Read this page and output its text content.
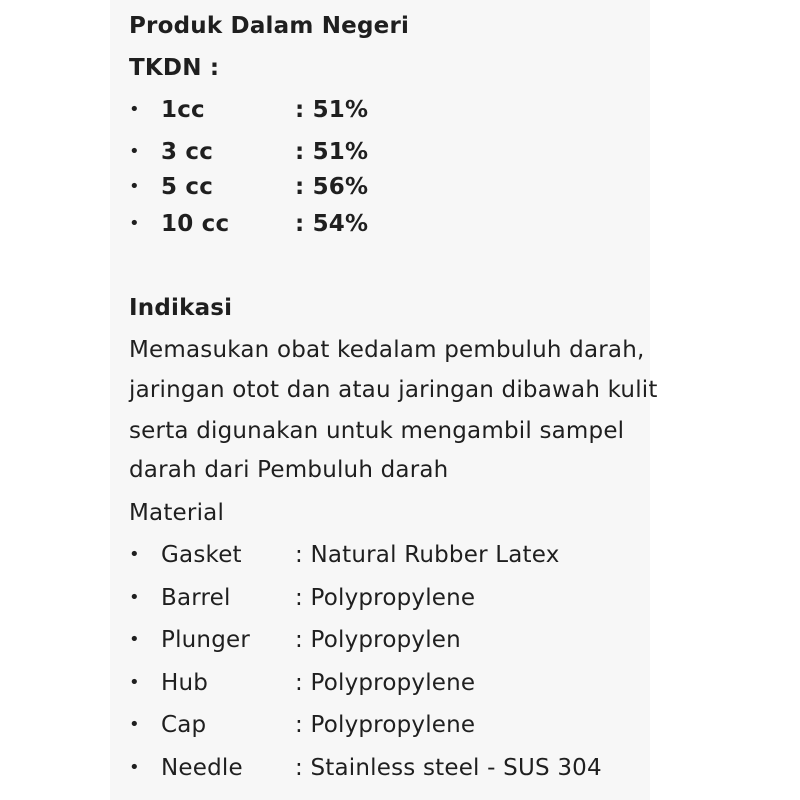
Produk Dalam Negeri
TKDN :
• 1cc	: 51%
• 3 cc	: 51%
• 5 cc	: 56%
• 10 cc	: 54%
Indikasi
Memasukan obat kedalam pembuluh darah,
jaringan otot dan atau jaringan dibawah kulit
serta digunakan untuk mengambil sampel
darah dari Pembuluh darah
Material
• Gasket : Natural Rubber Latex
• Barrel	: Polypropylene
• Plunger : Polypropylen
• Hub	: Polypropylene
• Cap	: Polypropylene
• Needle : Stainless steel - SUS 304
